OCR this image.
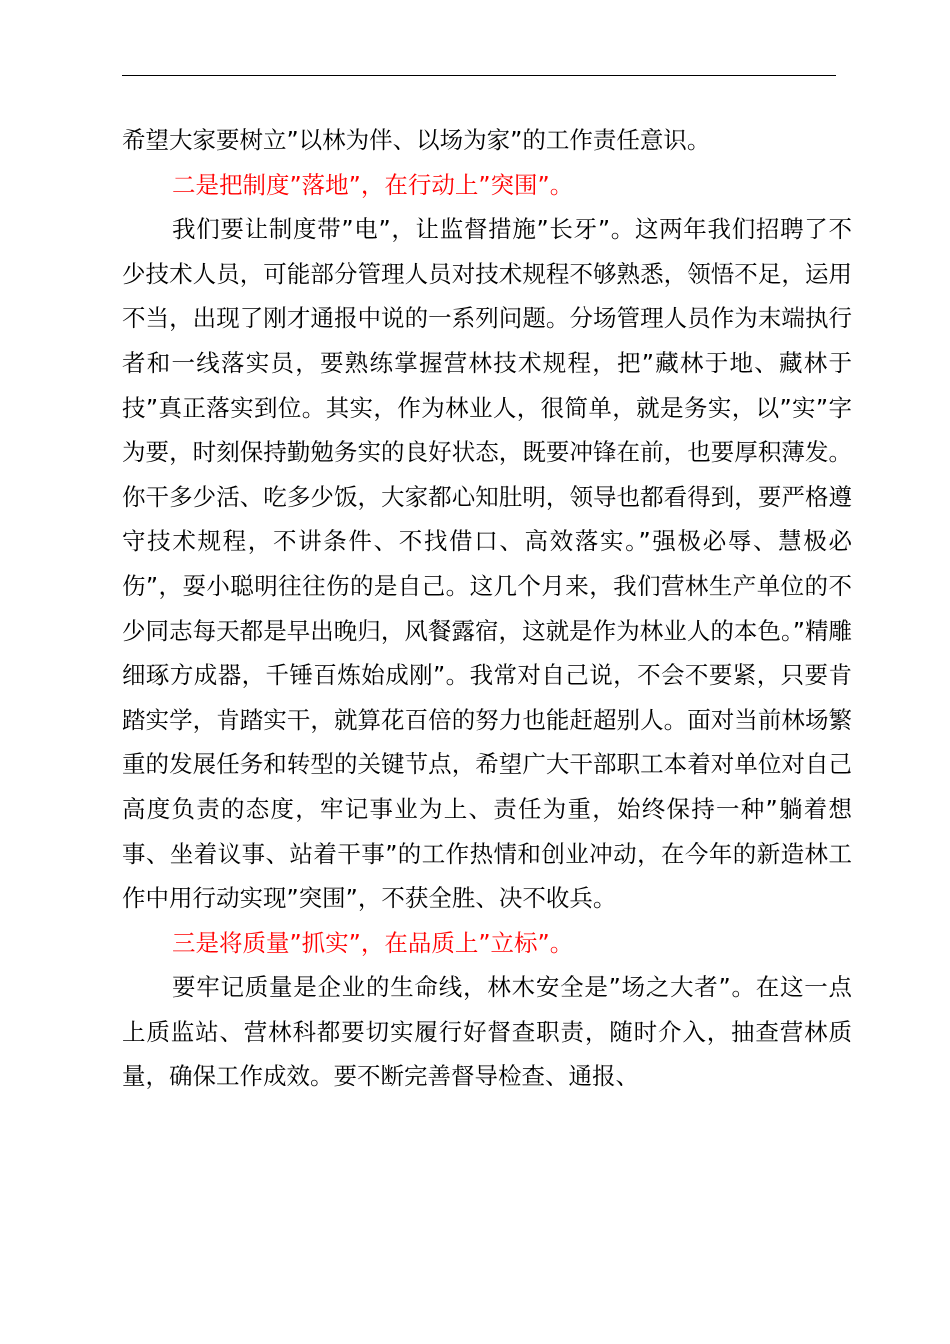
希望大家要树立”以林为伴、以场为家”的工作责任意识。

二是把制度”落地”，在行动上”突围”。

我们要让制度带”电”，让监督措施”长牙”。这两年我们招聘了不少技术人员，可能部分管理人员对技术规程不够熟悉，领悟不足，运用不当，出现了刚才通报中说的一系列问题。分场管理人员作为末端执行者和一线落实员，要熟练掌握营林技术规程，把”藏林于地、藏林于技”真正落实到位。其实，作为林业人，很简单，就是务实，以”实”字为要，时刻保持勤勉务实的良好状态，既要冲锋在前，也要厚积薄发。你干多少活、吃多少饭，大家都心知肚明，领导也都看得到，要严格遵守技术规程，不讲条件、不找借口、高效落实。”强极必辱、慧极必伤”，耍小聪明往往伤的是自己。这几个月来，我们营林生产单位的不少同志每天都是早出晚归，风餐露宿，这就是作为林业人的本色。”精雕细琢方成器，千锤百炼始成刚”。我常对自己说，不会不要紧，只要肯踏实学，肯踏实干，就算花百倍的努力也能赶超别人。面对当前林场繁重的发展任务和转型的关键节点，希望广大干部职工本着对单位对自己高度负责的态度，牢记事业为上、责任为重，始终保持一种”躺着想事、坐着议事、站着干事”的工作热情和创业冲动，在今年的新造林工作中用行动实现”突围”，不获全胜、决不收兵。

三是将质量”抓实”，在品质上”立标”。

要牢记质量是企业的生命线，林木安全是”场之大者”。在这一点上质监站、营林科都要切实履行好督查职责，随时介入，抽查营林质量，确保工作成效。要不断完善督导检查、通报、
